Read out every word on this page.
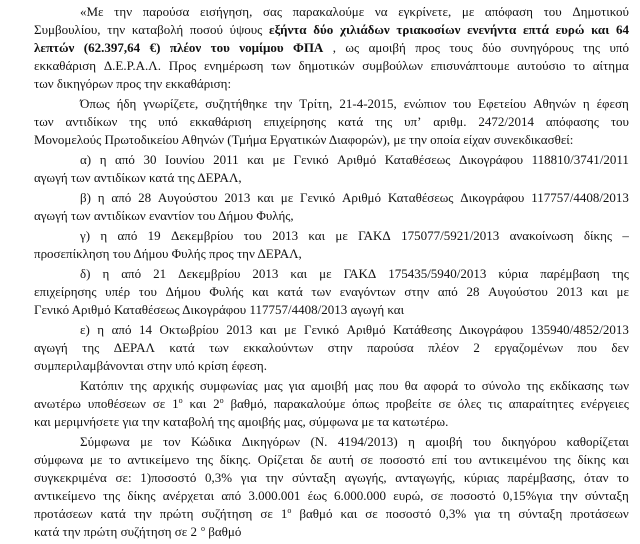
«Με την παρούσα εισήγηση, σας παρακαλούμε να εγκρίνετε, με απόφαση του Δημοτικού
Συμβουλίου, την καταβολή ποσού ύψους εξήντα δύο χιλιάδων τριακοσίων ενενήντα επτά ευρώ και 64
λεπτών (62.397,64 €) πλέον του νομίμου ΦΠΑ , ως αμοιβή προς τους δύο συνηγόρους της υπό
εκκαθάριση Δ.Ε.Ρ.Α.Λ. Προς ενημέρωση των δημοτικών συμβούλων επισυνάπτουμε αυτούσιο το αίτημα
των δικηγόρων προς την εκκαθάριση:
Όπως ήδη γνωρίζετε, συζητήθηκε την Τρίτη, 21-4-2015, ενώπιον του Εφετείου Αθηνών η έφεση
των αντιδίκων της υπό εκκαθάριση επιχείρησης κατά της υπ’ αριθμ. 2472/2014 απόφασης του
Μονομελούς Πρωτοδικείου Αθηνών (Τμήμα Εργατικών Διαφορών), με την οποία είχαν συνεκδικασθεί:
α) η από 30 Ιουνίου 2011 και με Γενικό Αριθμό Καταθέσεως Δικογράφου 118810/3741/2011
αγωγή των αντιδίκων κατά της ΔΕΡΑΛ,
β) η από 28 Αυγούστου 2013 και με Γενικό Αριθμό Καταθέσεως Δικογράφου 117757/4408/2013
αγωγή των αντιδίκων εναντίον του Δήμου Φυλής,
γ) η από 19 Δεκεμβρίου του 2013 και με ΓΑΚΔ 175077/5921/2013 ανακοίνωση δίκης –
προσεπίκληση του Δήμου Φυλής προς την ΔΕΡΑΛ,
δ) η από 21 Δεκεμβρίου 2013 και με ΓΑΚΔ 175435/5940/2013 κύρια παρέμβαση της
επιχείρησης υπέρ του Δήμου Φυλής και κατά των εναγόντων στην από 28 Αυγούστου 2013 και με
Γενικό Αριθμό Καταθέσεως Δικογράφου 117757/4408/2013 αγωγή και
ε) η από 14 Οκτωβρίου 2013 και με Γενικό Αριθμό Κατάθεσης Δικογράφου 135940/4852/2013
αγωγή της ΔΕΡΑΛ κατά των εκκαλούντων στην παρούσα πλέον 2 εργαζομένων που δεν
συμπεριλαμβάνονται στην υπό κρίση έφεση.
Κατόπιν της αρχικής συμφωνίας μας για αμοιβή μας που θα αφορά το σύνολο της εκδίκασης των
ανωτέρω υποθέσεων σε $1^o$ και $2^o$ βαθμό, παρακαλούμε όπως προβείτε σε όλες τις απαραίτητες ενέργειες
και μεριμνήσετε για την καταβολή της αμοιβής μας, σύμφωνα με τα κατωτέρω.
Σύμφωνα με τον Κώδικα Δικηγόρων (Ν. 4194/2013) η αμοιβή του δικηγόρου καθορίζεται
σύμφωνα με το αντικείμενο της δίκης. Ορίζεται δε αυτή σε ποσοστό επί του αντικειμένου της δίκης και
συγκεκριμένα σε: 1)ποσοστό 0,3% για την σύνταξη αγωγής, ανταγωγής, κύριας παρέμβασης, όταν το
αντικείμενο της δίκης ανέρχεται από 3.000.001 έως 6.000.000 ευρώ, σε ποσοστό 0,15%για την σύνταξη
προτάσεων κατά την πρώτη συζήτηση σε $1^o$ βαθμό και σε ποσοστό 0,3% για τη σύνταξη προτάσεων
κατά την πρώτη συζήτηση σε 2 $^o$ βαθμό
